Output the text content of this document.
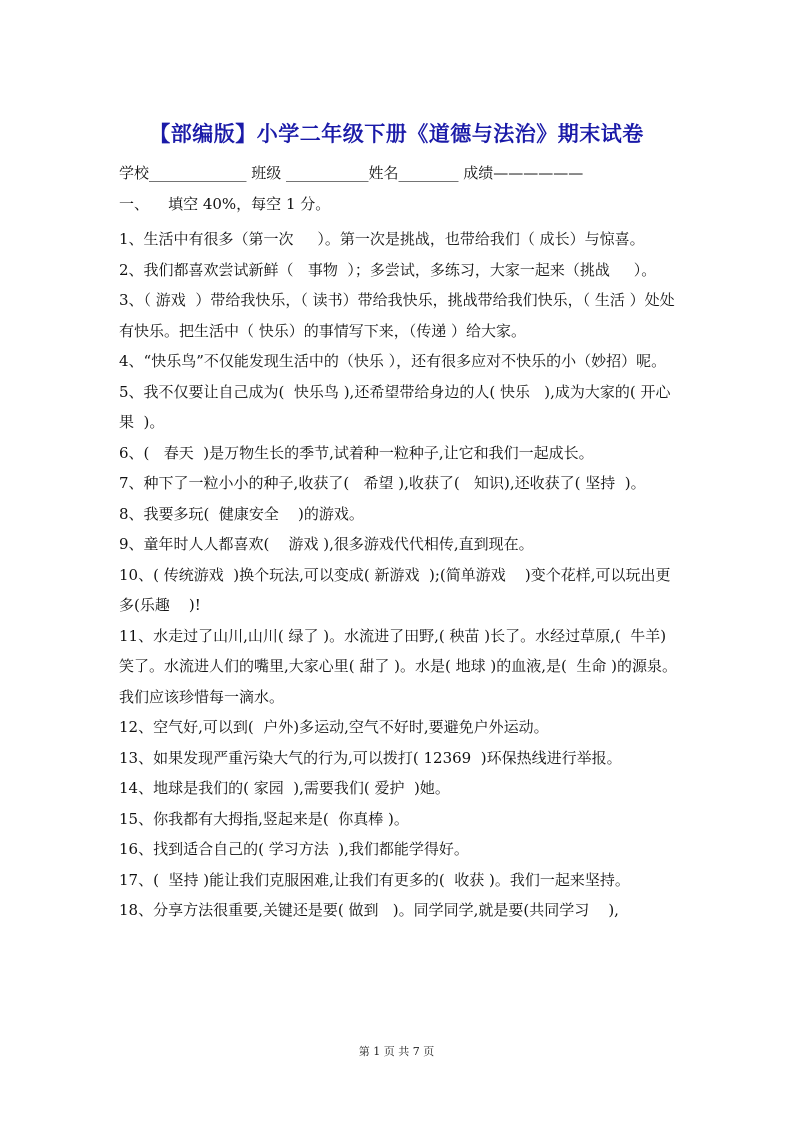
【部编版】小学二年级下册《道德与法治》期末试卷
学校_____________ 班级 ___________姓名________ 成绩——————
一、    填空 40%，每空 1 分。

1、生活中有很多（第一次     ）。第一次是挑战，也带给我们（ 成长）与惊喜。

2、我们都喜欢尝试新鲜（   事物  ）；多尝试，多练习，大家一起来（挑战     ）。

3、（ 游戏  ）带给我快乐，（ 读书）带给我快乐，挑战带给我们快乐，（ 生活 ）处处有快乐。把生活中（ 快乐）的事情写下来，（传递 ）给大家。

4、“快乐鸟”不仅能发现生活中的（快乐 ），还有很多应对不快乐的小（妙招）呢。

5、我不仅要让自己成为(  快乐鸟 ),还希望带给身边的人( 快乐   ),成为大家的( 开心果  )。

6、(   春天  )是万物生长的季节,试着种一粒种子,让它和我们一起成长。

7、种下了一粒小小的种子,收获了(   希望 ),收获了(   知识),还收获了( 坚持  )。

8、我要多玩(  健康安全    )的游戏。

9、童年时人人都喜欢(    游戏 ),很多游戏代代相传,直到现在。

10、( 传统游戏  )换个玩法,可以变成( 新游戏  );(简单游戏    )变个花样,可以玩出更多(乐趣    )!

11、水走过了山川,山川( 绿了 )。水流进了田野,( 秧苗 )长了。水经过草原,(  牛羊)笑了。水流进人们的嘴里,大家心里( 甜了 )。水是( 地球 )的血液,是(  生命 )的源泉。我们应该珍惜每一滴水。

12、空气好,可以到(  户外)多运动,空气不好时,要避免户外运动。

13、如果发现严重污染大气的行为,可以拨打( 12369  )环保热线进行举报。

14、地球是我们的( 家园  ),需要我们( 爱护  )她。

15、你我都有大拇指,竖起来是(  你真棒 )。

16、找到适合自己的( 学习方法  ),我们都能学得好。

17、(  坚持 )能让我们克服困难,让我们有更多的(  收获 )。我们一起来坚持。

18、分享方法很重要,关键还是要( 做到   )。同学同学,就是要(共同学习    ),

第 1 页 共 7 页
